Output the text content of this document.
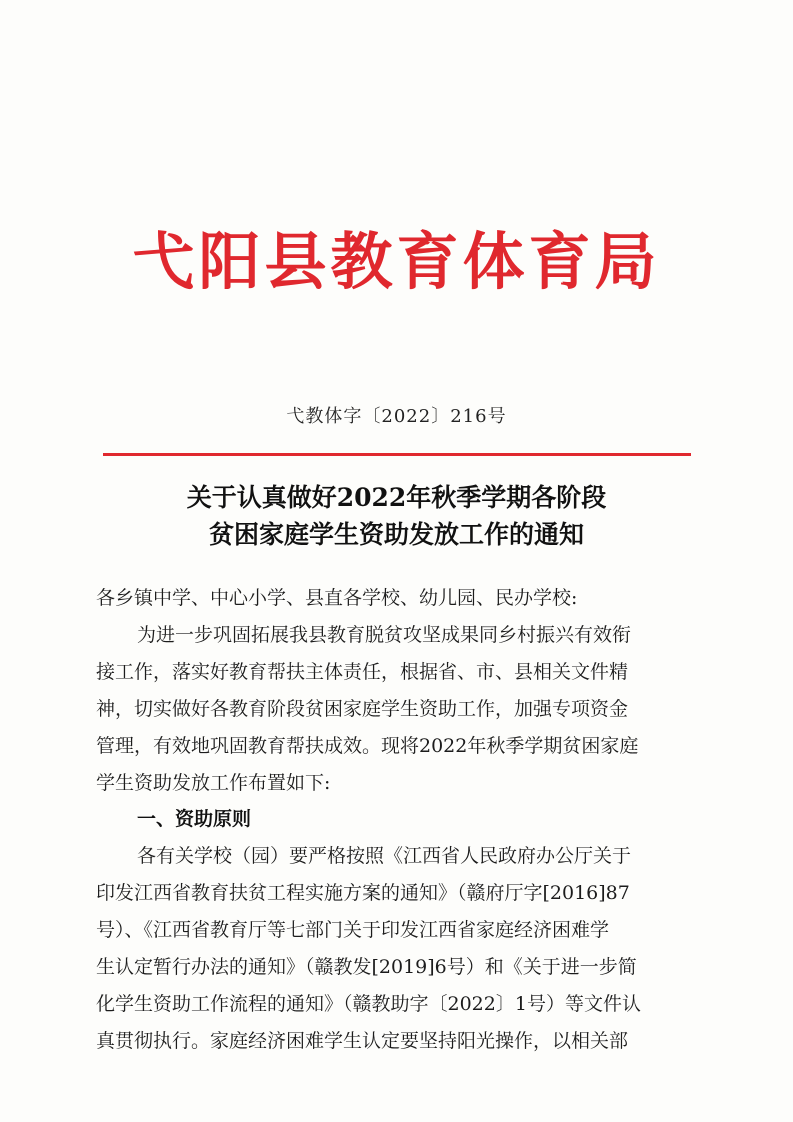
弋阳县教育体育局
弋教体字〔2022〕216号
关于认真做好2022年秋季学期各阶段
贫困家庭学生资助发放工作的通知
各乡镇中学、中心小学、县直各学校、幼儿园、民办学校:
为进一步巩固拓展我县教育脱贫攻坚成果同乡村振兴有效衔
接工作，落实好教育帮扶主体责任，根据省、市、县相关文件精
神，切实做好各教育阶段贫困家庭学生资助工作，加强专项资金
管理，有效地巩固教育帮扶成效。现将2022年秋季学期贫困家庭
学生资助发放工作布置如下:
一、资助原则
各有关学校（园）要严格按照《江西省人民政府办公厅关于
印发江西省教育扶贫工程实施方案的通知》（赣府厅字[2016]87
号）、《江西省教育厅等七部门关于印发江西省家庭经济困难学
生认定暂行办法的通知》（赣教发[2019]6号）和《关于进一步简
化学生资助工作流程的通知》（赣教助字〔2022〕1号）等文件认
真贯彻执行。家庭经济困难学生认定要坚持阳光操作，以相关部
